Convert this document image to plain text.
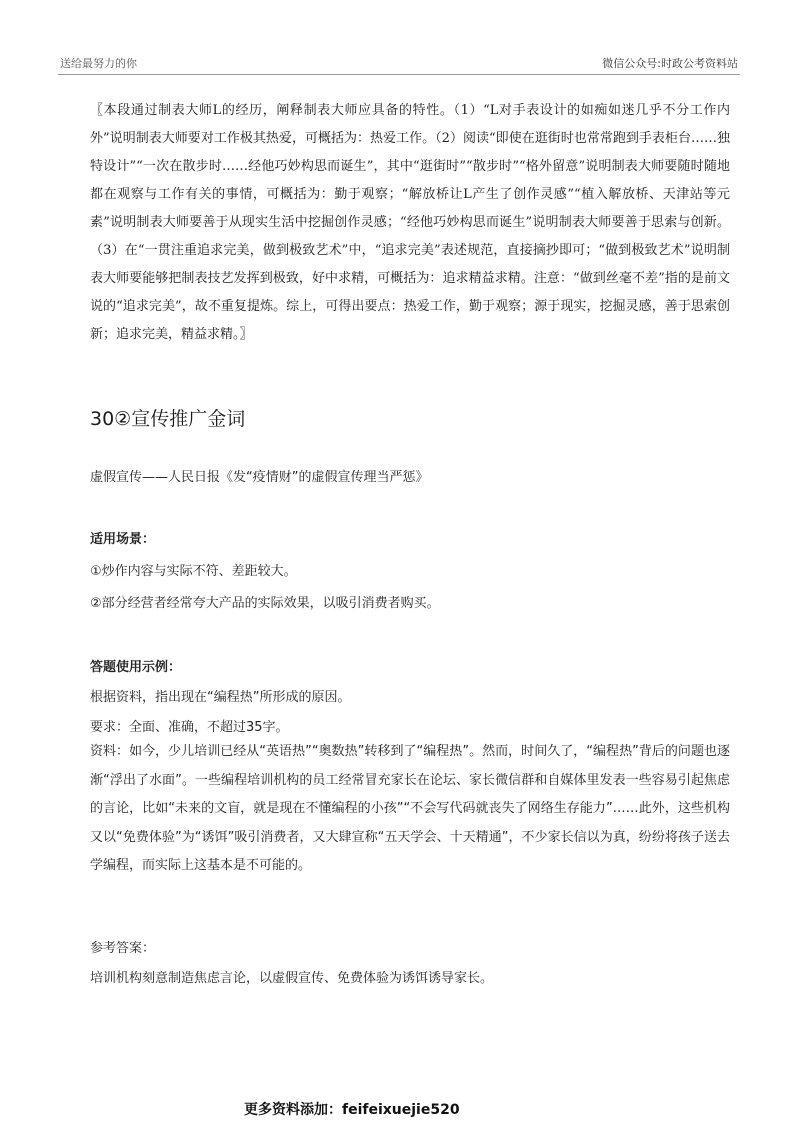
送给最努力的你	微信公众号:时政公考资料站

〖本段通过制表大师L的经历，阐释制表大师应具备的特性。（1）“L对手表设计的如痴如迷几乎不分工作内外”说明制表大师要对工作极其热爱，可概括为：热爱工作。（2）阅读“即使在逛街时也常常跑到手表柜台……独特设计”“一次在散步时……经他巧妙构思而诞生”，其中“逛街时”“散步时”“格外留意”说明制表大师要随时随地都在观察与工作有关的事情，可概括为：勤于观察；“解放桥让L产生了创作灵感”“植入解放桥、天津站等元素”说明制表大师要善于从现实生活中挖掘创作灵感；“经他巧妙构思而诞生”说明制表大师要善于思索与创新。（3）在“一贯注重追求完美，做到极致艺术”中，“追求完美”表述规范，直接摘抄即可；“做到极致艺术”说明制表大师要能够把制表技艺发挥到极致，好中求精，可概括为：追求精益求精。注意：“做到丝毫不差”指的是前文说的“追求完美”，故不重复提炼。综上，可得出要点：热爱工作，勤于观察；源于现实，挖掘灵感，善于思索创新；追求完美，精益求精。〗

30②宣传推广金词
虚假宣传——人民日报《发“疫情财”的虚假宣传理当严惩》
适用场景：
①炒作内容与实际不符、差距较大。
②部分经营者经常夸大产品的实际效果，以吸引消费者购买。
答题使用示例：
根据资料，指出现在“编程热”所形成的原因。
要求：全面、准确，不超过35字。

资料：如今，少儿培训已经从“英语热”“奥数热”转移到了“编程热”。然而，时间久了，“编程热”背后的问题也逐渐“浮出了水面”。一些编程培训机构的员工经常冒充家长在论坛、家长微信群和自媒体里发表一些容易引起焦虑的言论，比如“未来的文盲，就是现在不懂编程的小孩”“不会写代码就丧失了网络生存能力”……此外，这些机构又以“免费体验”为“诱饵”吸引消费者，又大肆宣称“五天学会、十天精通”，不少家长信以为真，纷纷将孩子送去学编程，而实际上这基本是不可能的。

参考答案：
培训机构刻意制造焦虑言论，以虚假宣传、免费体验为诱饵诱导家长。
更多资料添加：feifeixuejie520
